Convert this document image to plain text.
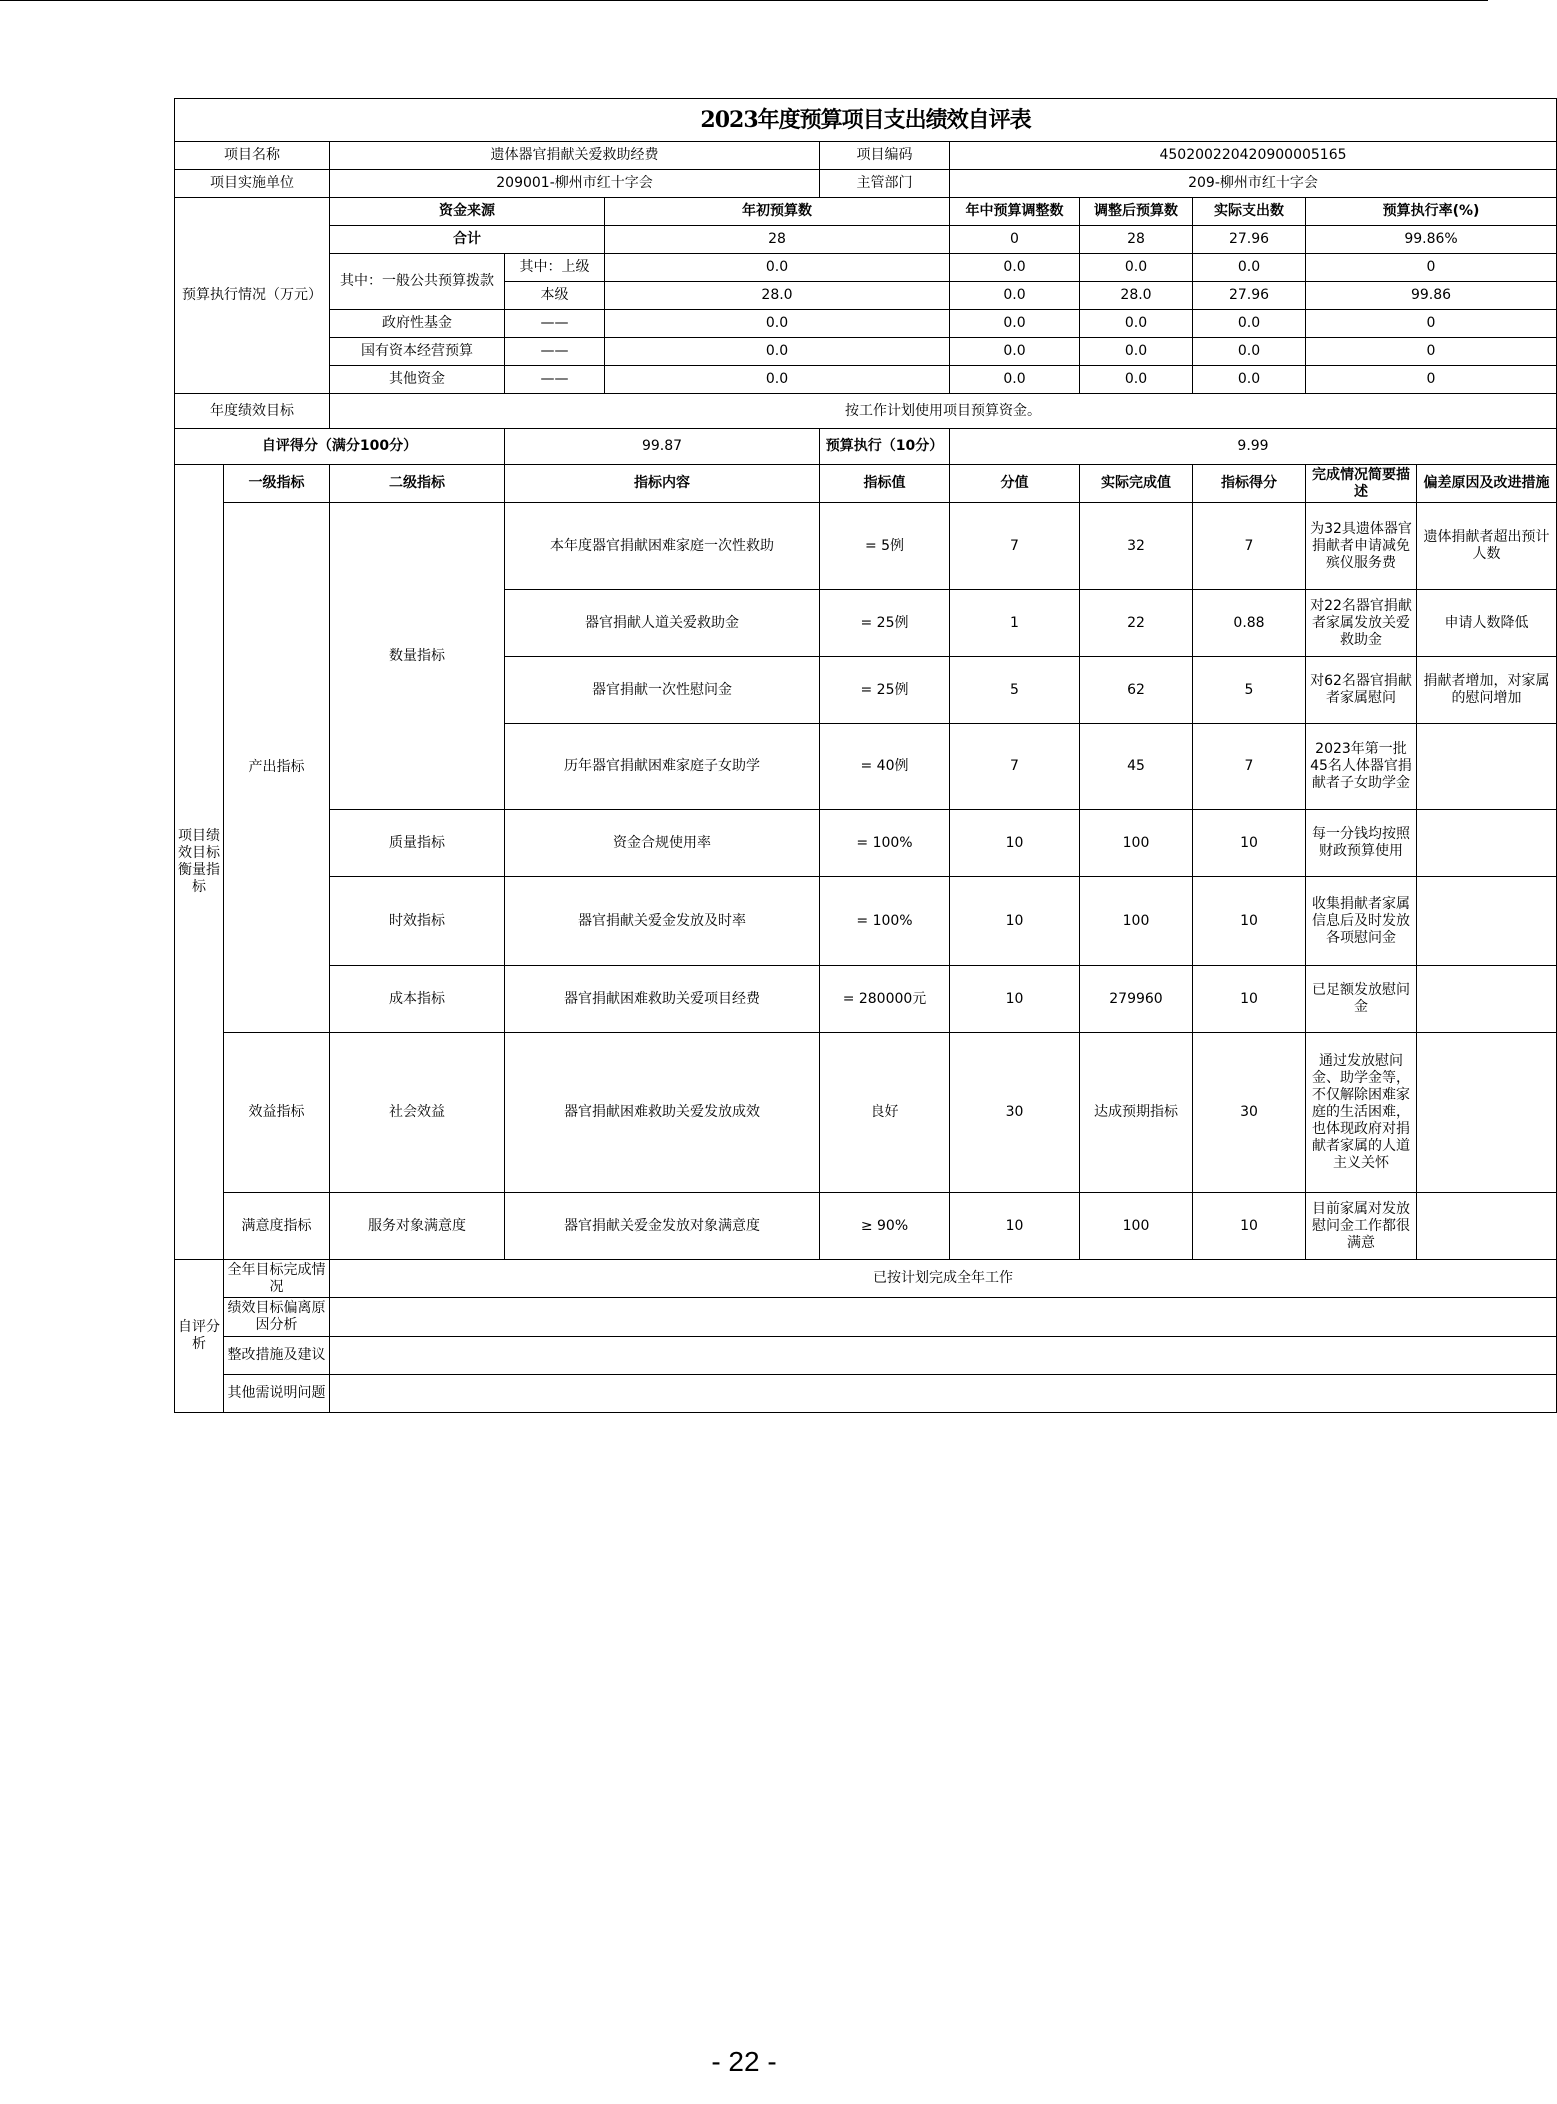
2023年度预算项目支出绩效自评表										
项目名称		遗体器官捐献关爱救助经费			项目编码	450200220420900005165				
项目实施单位		209001-柳州市红十字会			主管部门	209-柳州市红十字会				
预算执行情况（万元）		资金来源		年初预算数		年中预算调整数	调整后预算数	实际支出数	预算执行率(%)	
		合计		28		0	28	27.96	99.86%	
		其中：一般公共预算拨款	其中：上级	0.0		0.0	0.0	0.0	0	
			本级	28.0		0.0	28.0	27.96	99.86	
		政府性基金	——	0.0		0.0	0.0	0.0	0	
		国有资本经营预算	——	0.0		0.0	0.0	0.0	0	
		其他资金	——	0.0		0.0	0.0	0.0	0	
年度绩效目标		按工作计划使用项目预算资金。								
自评得分（满分100分）			99.87		预算执行（10分）	9.99				
项目绩效目标衡量指标	一级指标	二级指标	指标内容		指标值	分值	实际完成值	指标得分	完成情况简要描述	偏差原因及改进措施
	产出指标	数量指标	本年度器官捐献困难家庭一次性救助		= 5例	7	32	7	为32具遗体器官捐献者申请减免殡仪服务费	遗体捐献者超出预计人数
			器官捐献人道关爱救助金		= 25例	1	22	0.88	对22名器官捐献者家属发放关爱救助金	申请人数降低
			器官捐献一次性慰问金		= 25例	5	62	5	对62名器官捐献者家属慰问	捐献者增加，对家属的慰问增加
			历年器官捐献困难家庭子女助学		= 40例	7	45	7	2023年第一批45名人体器官捐献者子女助学金	
		质量指标	资金合规使用率		= 100%	10	100	10	每一分钱均按照财政预算使用	
		时效指标	器官捐献关爱金发放及时率		= 100%	10	100	10	收集捐献者家属信息后及时发放各项慰问金	
		成本指标	器官捐献困难救助关爱项目经费		= 280000元	10	279960	10	已足额发放慰问金	
	效益指标	社会效益	器官捐献困难救助关爱发放成效		良好	30	达成预期指标	30	通过发放慰问金、助学金等，不仅解除困难家庭的生活困难，也体现政府对捐献者家属的人道主义关怀	
	满意度指标	服务对象满意度	器官捐献关爱金发放对象满意度		≥ 90%	10	100	10	目前家属对发放慰问金工作都很满意	
自评分析	全年目标完成情况	已按计划完成全年工作								
	绩效目标偏离原因分析									
	整改措施及建议									
	其他需说明问题									
- 22 -
